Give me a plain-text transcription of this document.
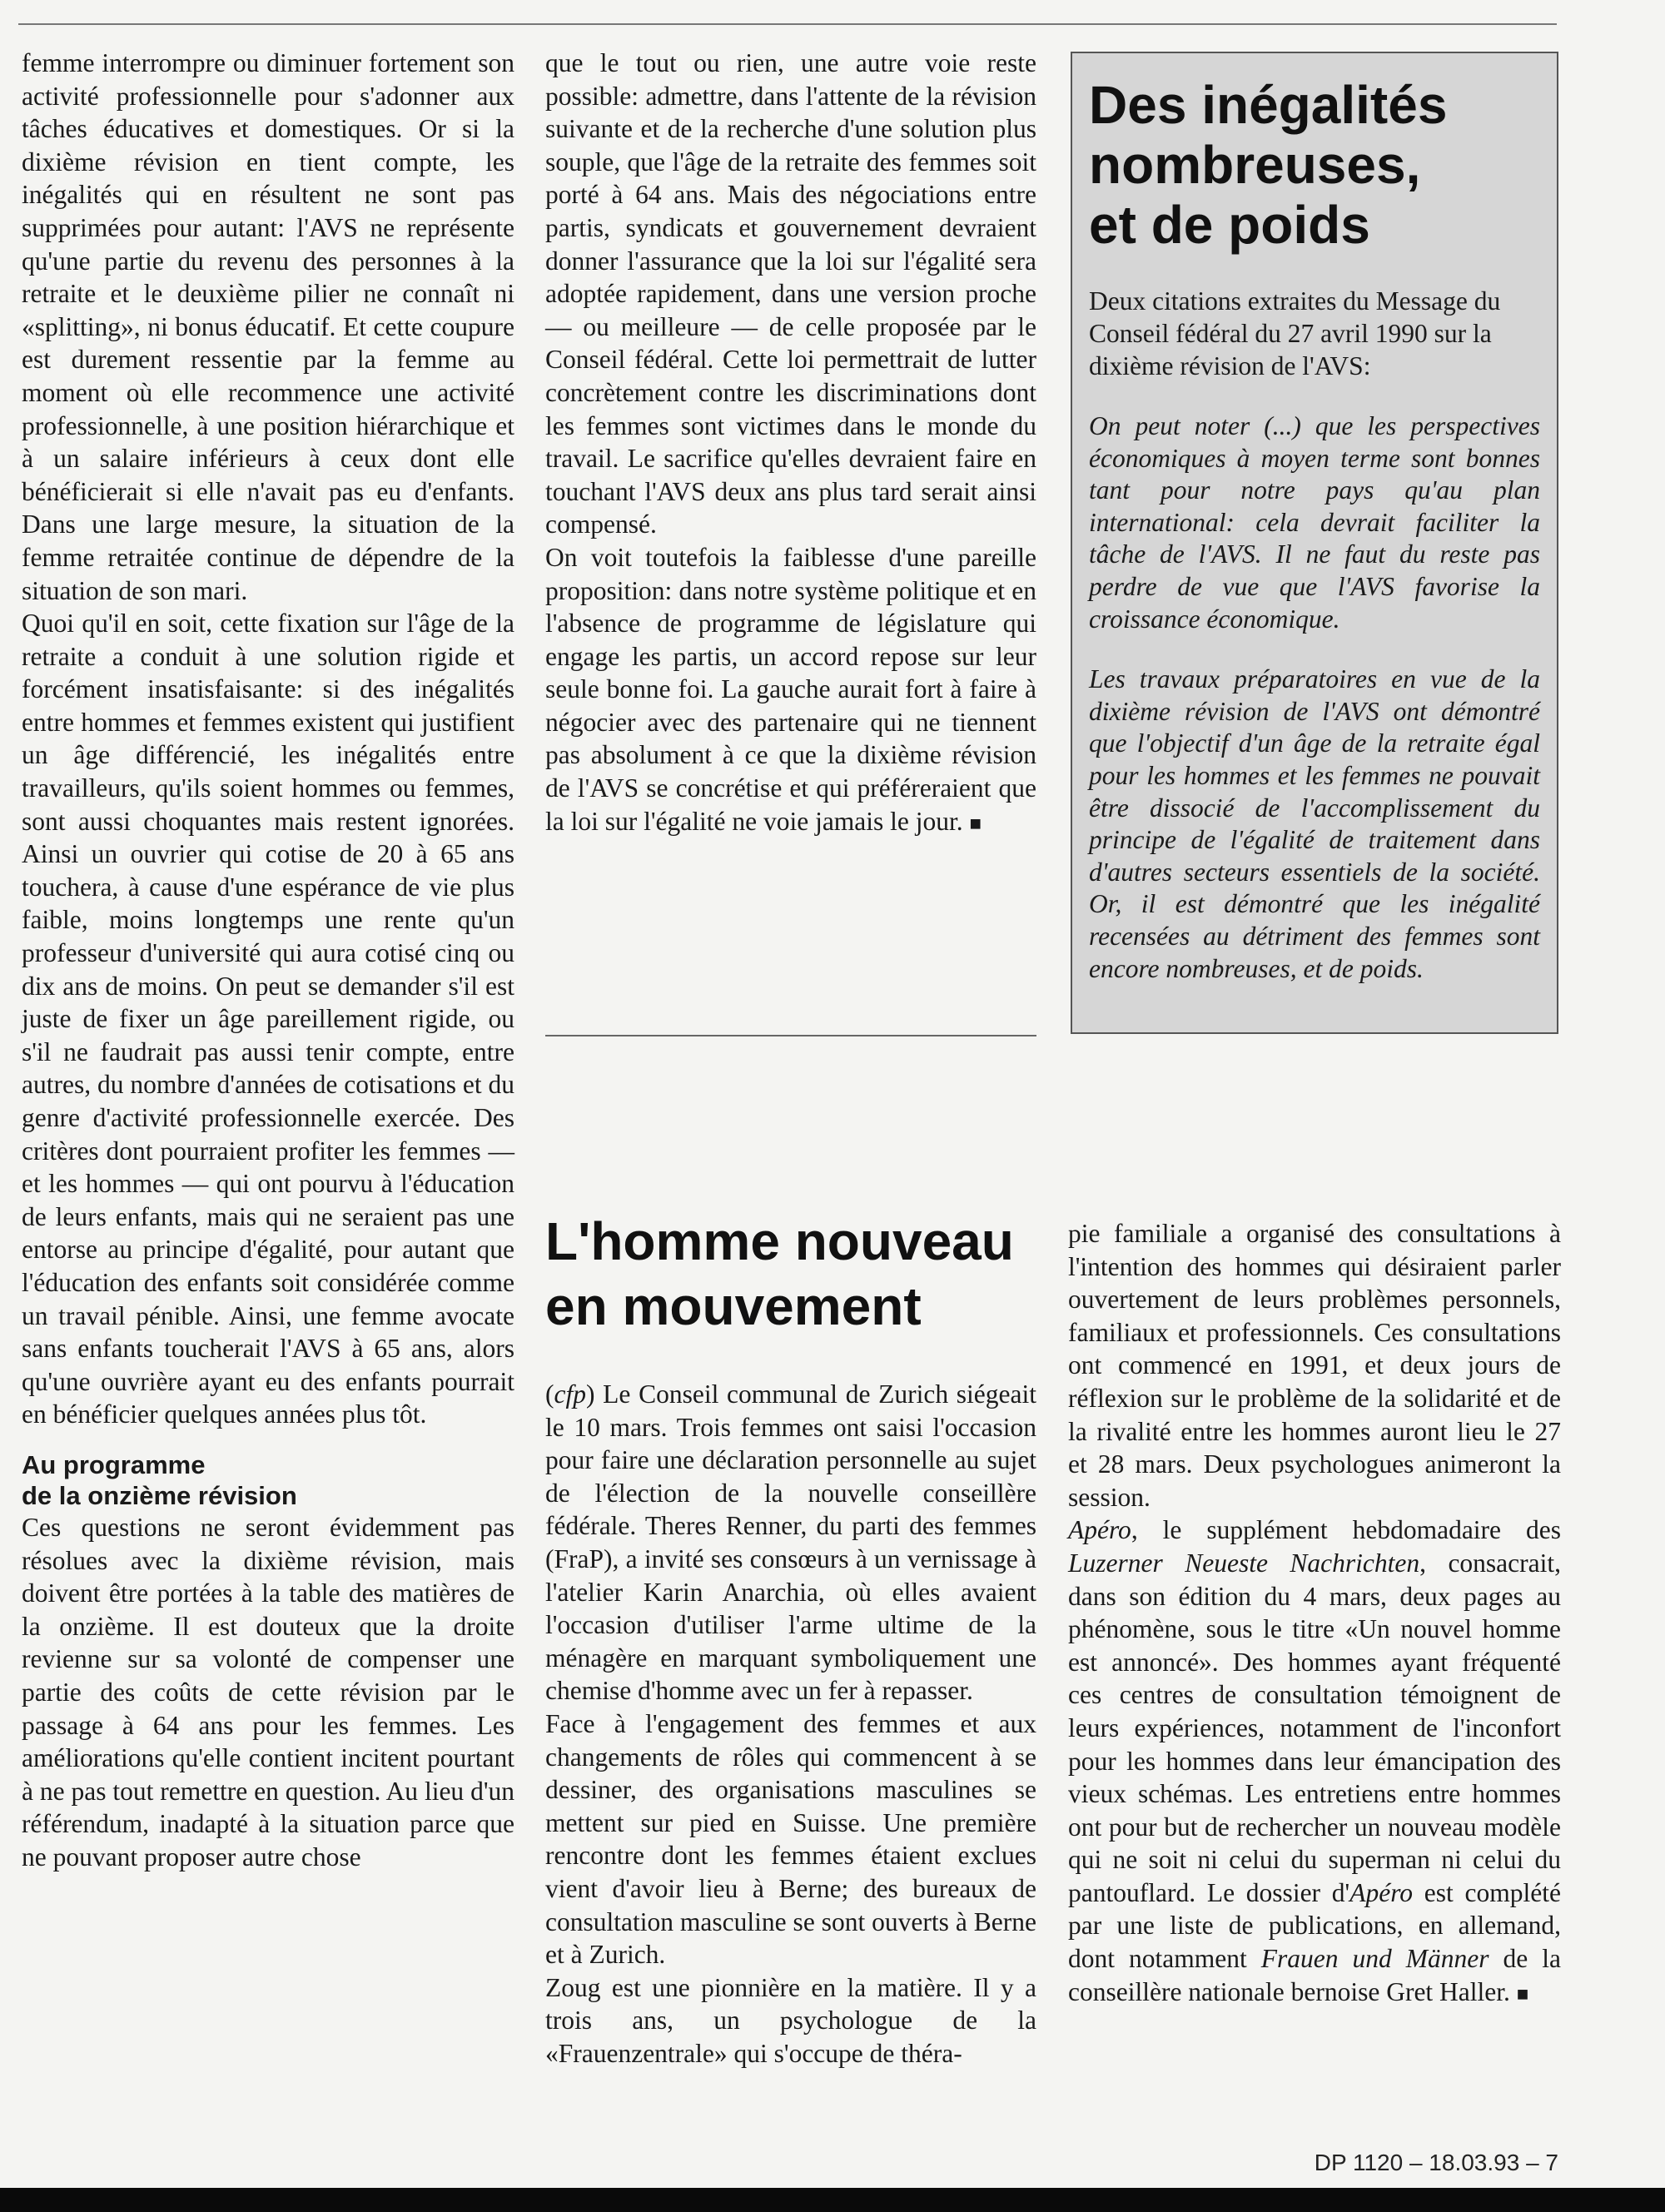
femme interrompre ou diminuer fortement son activité professionnelle pour s'adonner aux tâches éducatives et domestiques. Or si la dixième révision en tient compte, les inégalités qui en résultent ne sont pas supprimées pour autant: l'AVS ne représente qu'une partie du revenu des personnes à la retraite et le deuxième pilier ne connaît ni «splitting», ni bonus éducatif. Et cette coupure est durement ressentie par la femme au moment où elle recommence une activité professionnelle, à une position hiérarchique et à un salaire inférieurs à ceux dont elle bénéficierait si elle n'avait pas eu d'enfants. Dans une large mesure, la situation de la femme retraitée continue de dépendre de la situation de son mari.

Quoi qu'il en soit, cette fixation sur l'âge de la retraite a conduit à une solution rigide et forcément insatisfaisante: si des inégalités entre hommes et femmes existent qui justifient un âge différencié, les inégalités entre travailleurs, qu'ils soient hommes ou femmes, sont aussi choquantes mais restent ignorées. Ainsi un ouvrier qui cotise de 20 à 65 ans touchera, à cause d'une espérance de vie plus faible, moins longtemps une rente qu'un professeur d'université qui aura cotisé cinq ou dix ans de moins. On peut se demander s'il est juste de fixer un âge pareillement rigide, ou s'il ne faudrait pas aussi tenir compte, entre autres, du nombre d'années de cotisations et du genre d'activité professionnelle exercée. Des critères dont pourraient profiter les femmes — et les hommes — qui ont pourvu à l'éducation de leurs enfants, mais qui ne seraient pas une entorse au principe d'égalité, pour autant que l'éducation des enfants soit considérée comme un travail pénible. Ainsi, une femme avocate sans enfants toucherait l'AVS à 65 ans, alors qu'une ouvrière ayant eu des enfants pourrait en bénéficier quelques années plus tôt.

Au programme
de la onzième révision

Ces questions ne seront évidemment pas résolues avec la dixième révision, mais doivent être portées à la table des matières de la onzième. Il est douteux que la droite revienne sur sa volonté de compenser une partie des coûts de cette révision par le passage à 64 ans pour les femmes. Les améliorations qu'elle contient incitent pourtant à ne pas tout remettre en question. Au lieu d'un référendum, inadapté à la situation parce que ne pouvant proposer autre chose

que le tout ou rien, une autre voie reste possible: admettre, dans l'attente de la révision suivante et de la recherche d'une solution plus souple, que l'âge de la retraite des femmes soit porté à 64 ans. Mais des négociations entre partis, syndicats et gouvernement devraient donner l'assurance que la loi sur l'égalité sera adoptée rapidement, dans une version proche — ou meilleure — de celle proposée par le Conseil fédéral. Cette loi permettrait de lutter concrètement contre les discriminations dont les femmes sont victimes dans le monde du travail. Le sacrifice qu'elles devraient faire en touchant l'AVS deux ans plus tard serait ainsi compensé.

On voit toutefois la faiblesse d'une pareille proposition: dans notre système politique et en l'absence de programme de législature qui engage les partis, un accord repose sur leur seule bonne foi. La gauche aurait fort à faire à négocier avec des partenaire qui ne tiennent pas absolument à ce que la dixième révision de l'AVS se concrétise et qui préféreraient que la loi sur l'égalité ne voie jamais le jour. ■

Des inégalités
nombreuses,
et de poids

Deux citations extraites du Message du Conseil fédéral du 27 avril 1990 sur la dixième révision de l'AVS:

On peut noter (...) que les perspectives économiques à moyen terme sont bonnes tant pour notre pays qu'au plan international: cela devrait faciliter la tâche de l'AVS. Il ne faut du reste pas perdre de vue que l'AVS favorise la croissance économique.

Les travaux préparatoires en vue de la dixième révision de l'AVS ont démontré que l'objectif d'un âge de la retraite égal pour les hommes et les femmes ne pouvait être dissocié de l'accomplissement du principe de l'égalité de traitement dans d'autres secteurs essentiels de la société. Or, il est démontré que les inégalité recensées au détriment des femmes sont encore nombreuses, et de poids.

L'homme nouveau
en mouvement

(cfp) Le Conseil communal de Zurich siégeait le 10 mars. Trois femmes ont saisi l'occasion pour faire une déclaration personnelle au sujet de l'élection de la nouvelle conseillère fédérale. Theres Renner, du parti des femmes (FraP), a invité ses consœurs à un vernissage à l'atelier Karin Anarchia, où elles avaient l'occasion d'utiliser l'arme ultime de la ménagère en marquant symboliquement une chemise d'homme avec un fer à repasser.

Face à l'engagement des femmes et aux changements de rôles qui commencent à se dessiner, des organisations masculines se mettent sur pied en Suisse. Une première rencontre dont les femmes étaient exclues vient d'avoir lieu à Berne; des bureaux de consultation masculine se sont ouverts à Berne et à Zurich.

Zoug est une pionnière en la matière. Il y a trois ans, un psychologue de la «Frauenzentrale» qui s'occupe de théra-

pie familiale a organisé des consultations à l'intention des hommes qui désiraient parler ouvertement de leurs problèmes personnels, familiaux et professionnels. Ces consultations ont commencé en 1991, et deux jours de réflexion sur le problème de la solidarité et de la rivalité entre les hommes auront lieu le 27 et 28 mars. Deux psychologues animeront la session.

Apéro, le supplément hebdomadaire des Luzerner Neueste Nachrichten, consacrait, dans son édition du 4 mars, deux pages au phénomène, sous le titre «Un nouvel homme est annoncé». Des hommes ayant fréquenté ces centres de consultation témoignent de leurs expériences, notamment de l'inconfort pour les hommes dans leur émancipation des vieux schémas. Les entretiens entre hommes ont pour but de rechercher un nouveau modèle qui ne soit ni celui du superman ni celui du pantouflard. Le dossier d'Apéro est complété par une liste de publications, en allemand, dont notamment Frauen und Männer de la conseillère nationale bernoise Gret Haller. ■

DP 1120 – 18.03.93 – 7
